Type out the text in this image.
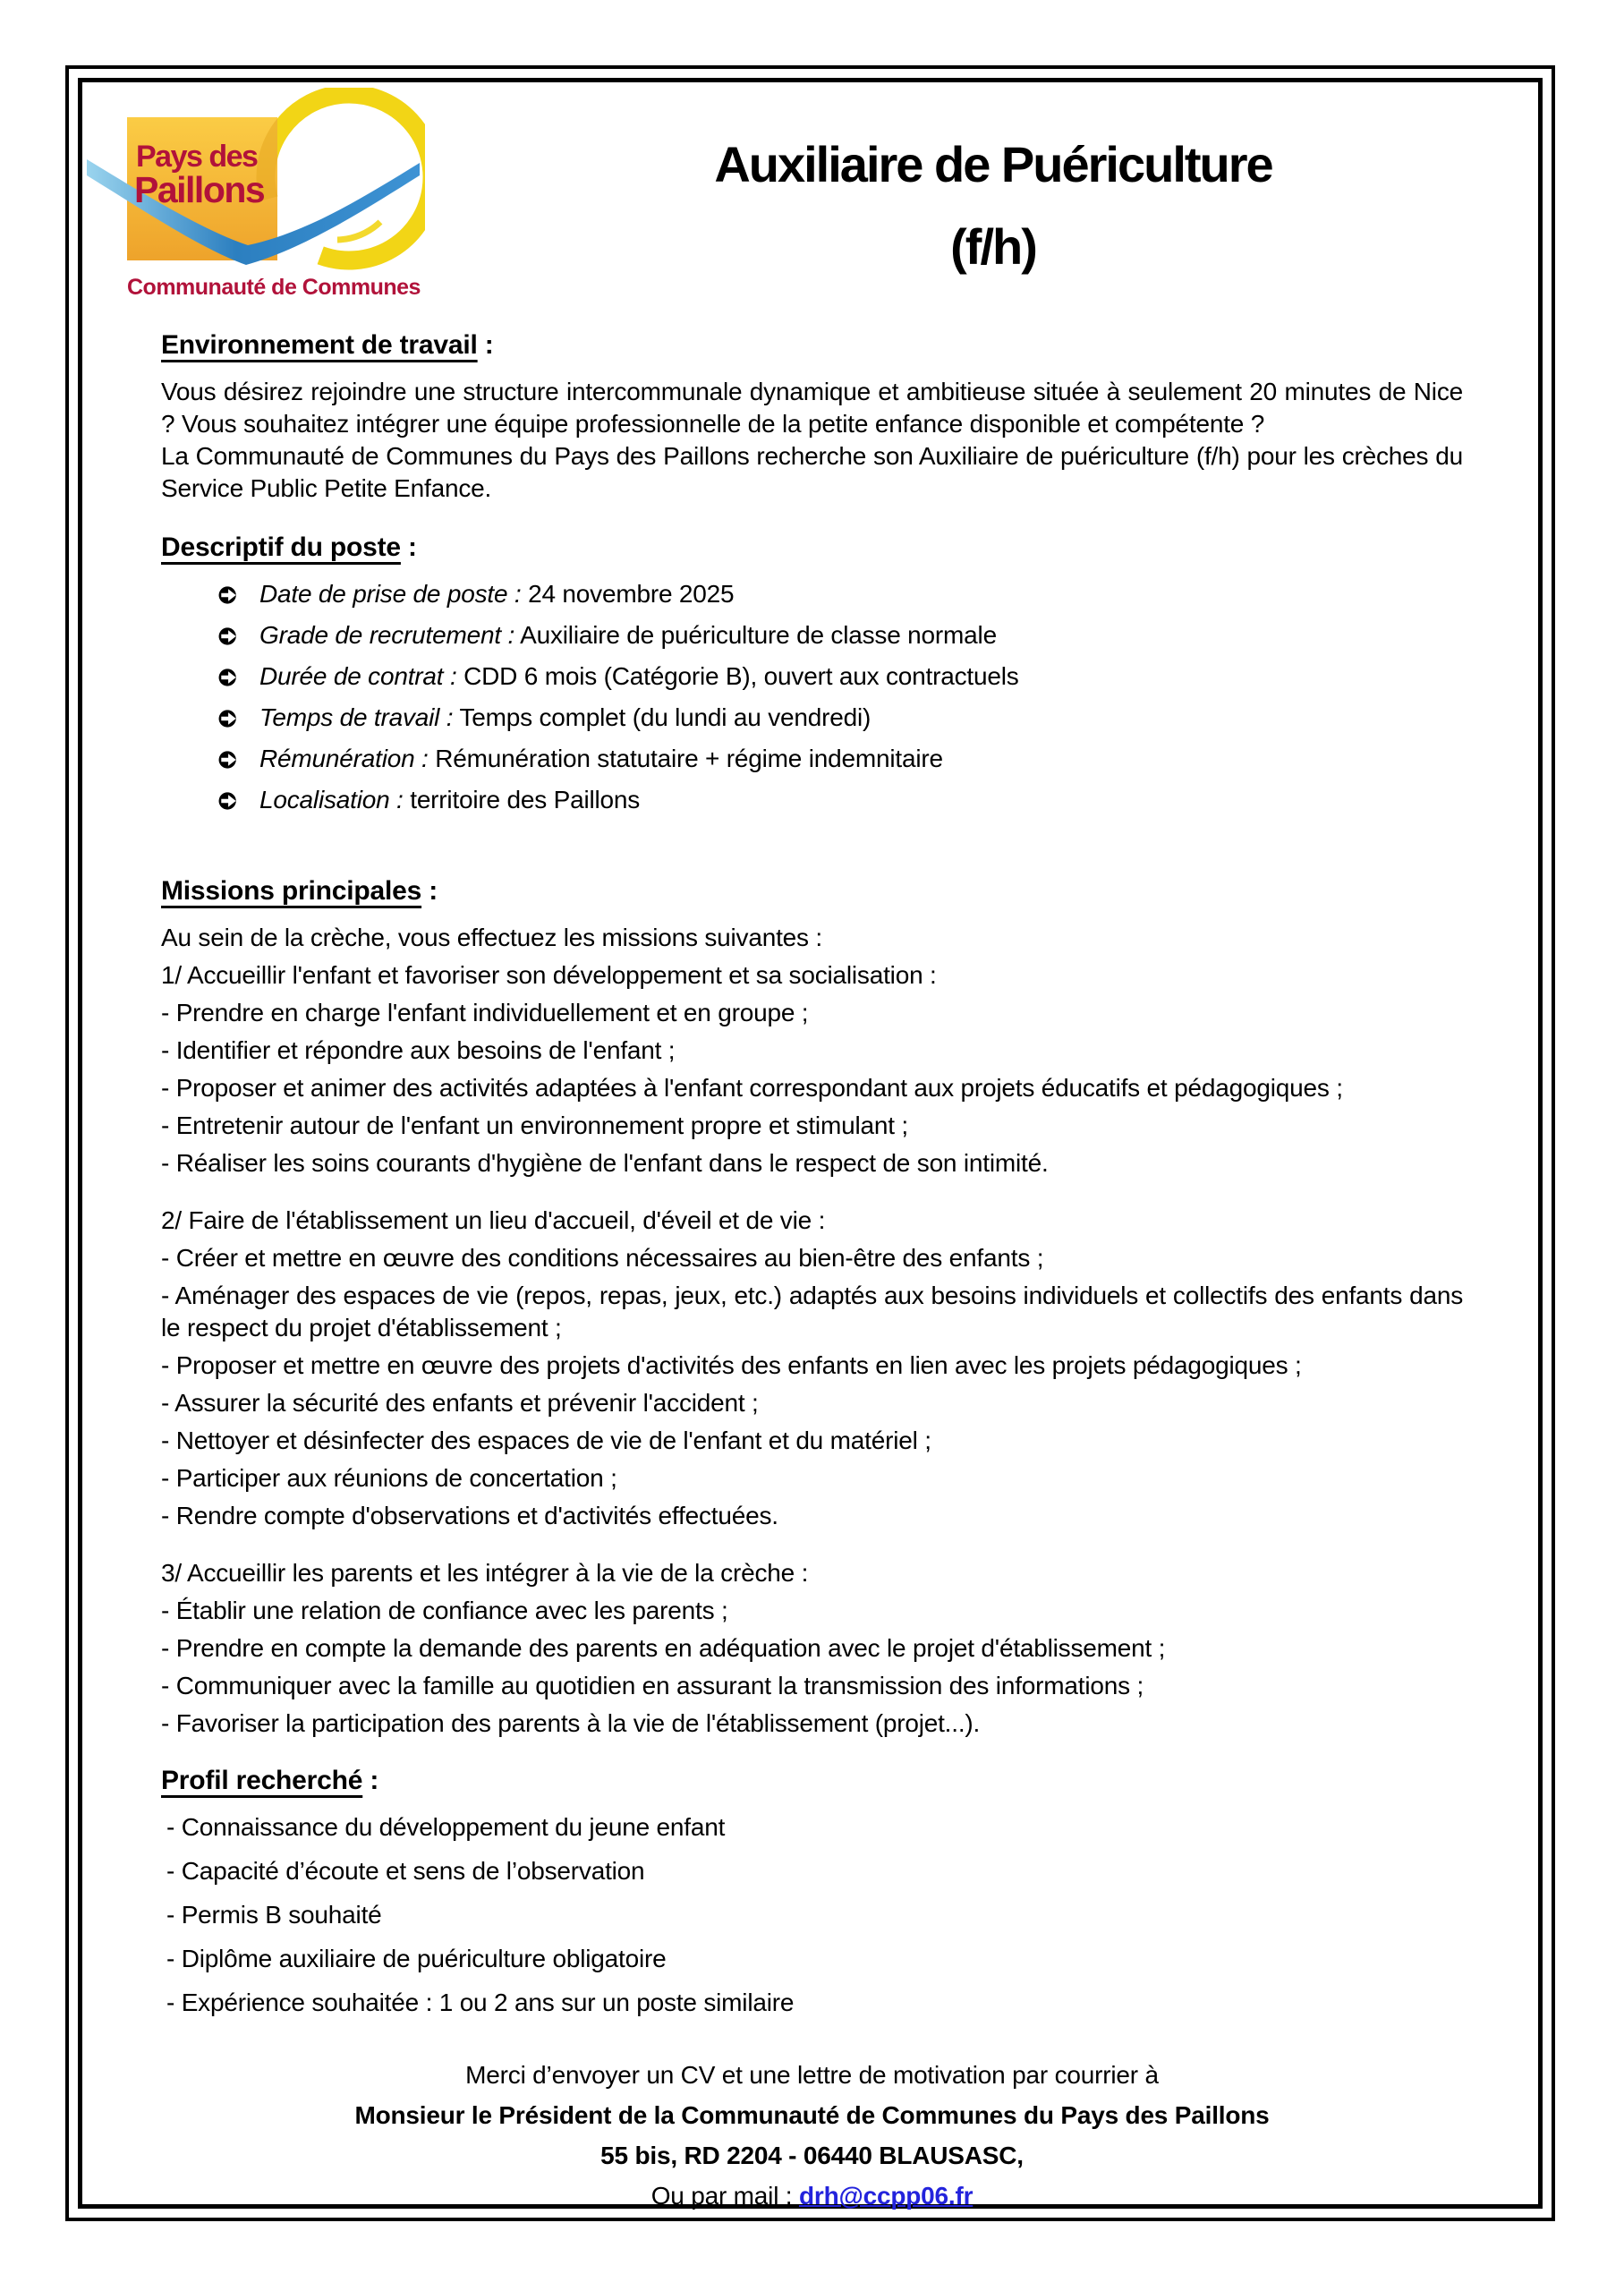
Pays des
Paillons
Communauté de Communes
Auxiliaire de Puériculture
(f/h)

Environnement de travail :

Vous désirez rejoindre une structure intercommunale dynamique et ambitieuse située à seulement 20 minutes de Nice ? Vous souhaitez intégrer une équipe professionnelle de la petite enfance disponible et compétente ?

La Communauté de Communes du Pays des Paillons recherche son Auxiliaire de puériculture (f/h) pour les crèches du Service Public Petite Enfance.

Descriptif du poste :

Date de prise de poste : 24 novembre 2025
Grade de recrutement : Auxiliaire de puériculture de classe normale
Durée de contrat : CDD 6 mois (Catégorie B), ouvert aux contractuels
Temps de travail : Temps complet (du lundi au vendredi)
Rémunération : Rémunération statutaire + régime indemnitaire
Localisation : territoire des Paillons

Missions principales :

Au sein de la crèche, vous effectuez les missions suivantes :

1/ Accueillir l'enfant et favoriser son développement et sa socialisation :

- Prendre en charge l'enfant individuellement et en groupe ;

- Identifier et répondre aux besoins de l'enfant ;

- Proposer et animer des activités adaptées à l'enfant correspondant aux projets éducatifs et pédagogiques ;

- Entretenir autour de l'enfant un environnement propre et stimulant ;

- Réaliser les soins courants d'hygiène de l'enfant dans le respect de son intimité.

2/ Faire de l'établissement un lieu d'accueil, d'éveil et de vie :

- Créer et mettre en œuvre des conditions nécessaires au bien-être des enfants ;

- Aménager des espaces de vie (repos, repas, jeux, etc.) adaptés aux besoins individuels et collectifs des enfants dans le respect du projet d'établissement ;

- Proposer et mettre en œuvre des projets d'activités des enfants en lien avec les projets pédagogiques ;

- Assurer la sécurité des enfants et prévenir l'accident ;

- Nettoyer et désinfecter des espaces de vie de l'enfant et du matériel ;

- Participer aux réunions de concertation ;

- Rendre compte d'observations et d'activités effectuées.

3/ Accueillir les parents et les intégrer à la vie de la crèche :

- Établir une relation de confiance avec les parents ;

- Prendre en compte la demande des parents en adéquation avec le projet d'établissement ;

- Communiquer avec la famille au quotidien en assurant la transmission des informations ;

- Favoriser la participation des parents à la vie de l'établissement (projet...).

Profil recherché :

- Connaissance du développement du jeune enfant
- Capacité d’écoute et sens de l’observation
- Permis B souhaité
- Diplôme auxiliaire de puériculture obligatoire
- Expérience souhaitée : 1 ou 2 ans sur un poste similaire
Merci d’envoyer un CV et une lettre de motivation par courrier à
Monsieur le Président de la Communauté de Communes du Pays des Paillons
55 bis, RD 2204 - 06440 BLAUSASC,
Ou par mail : drh@ccpp06.fr
